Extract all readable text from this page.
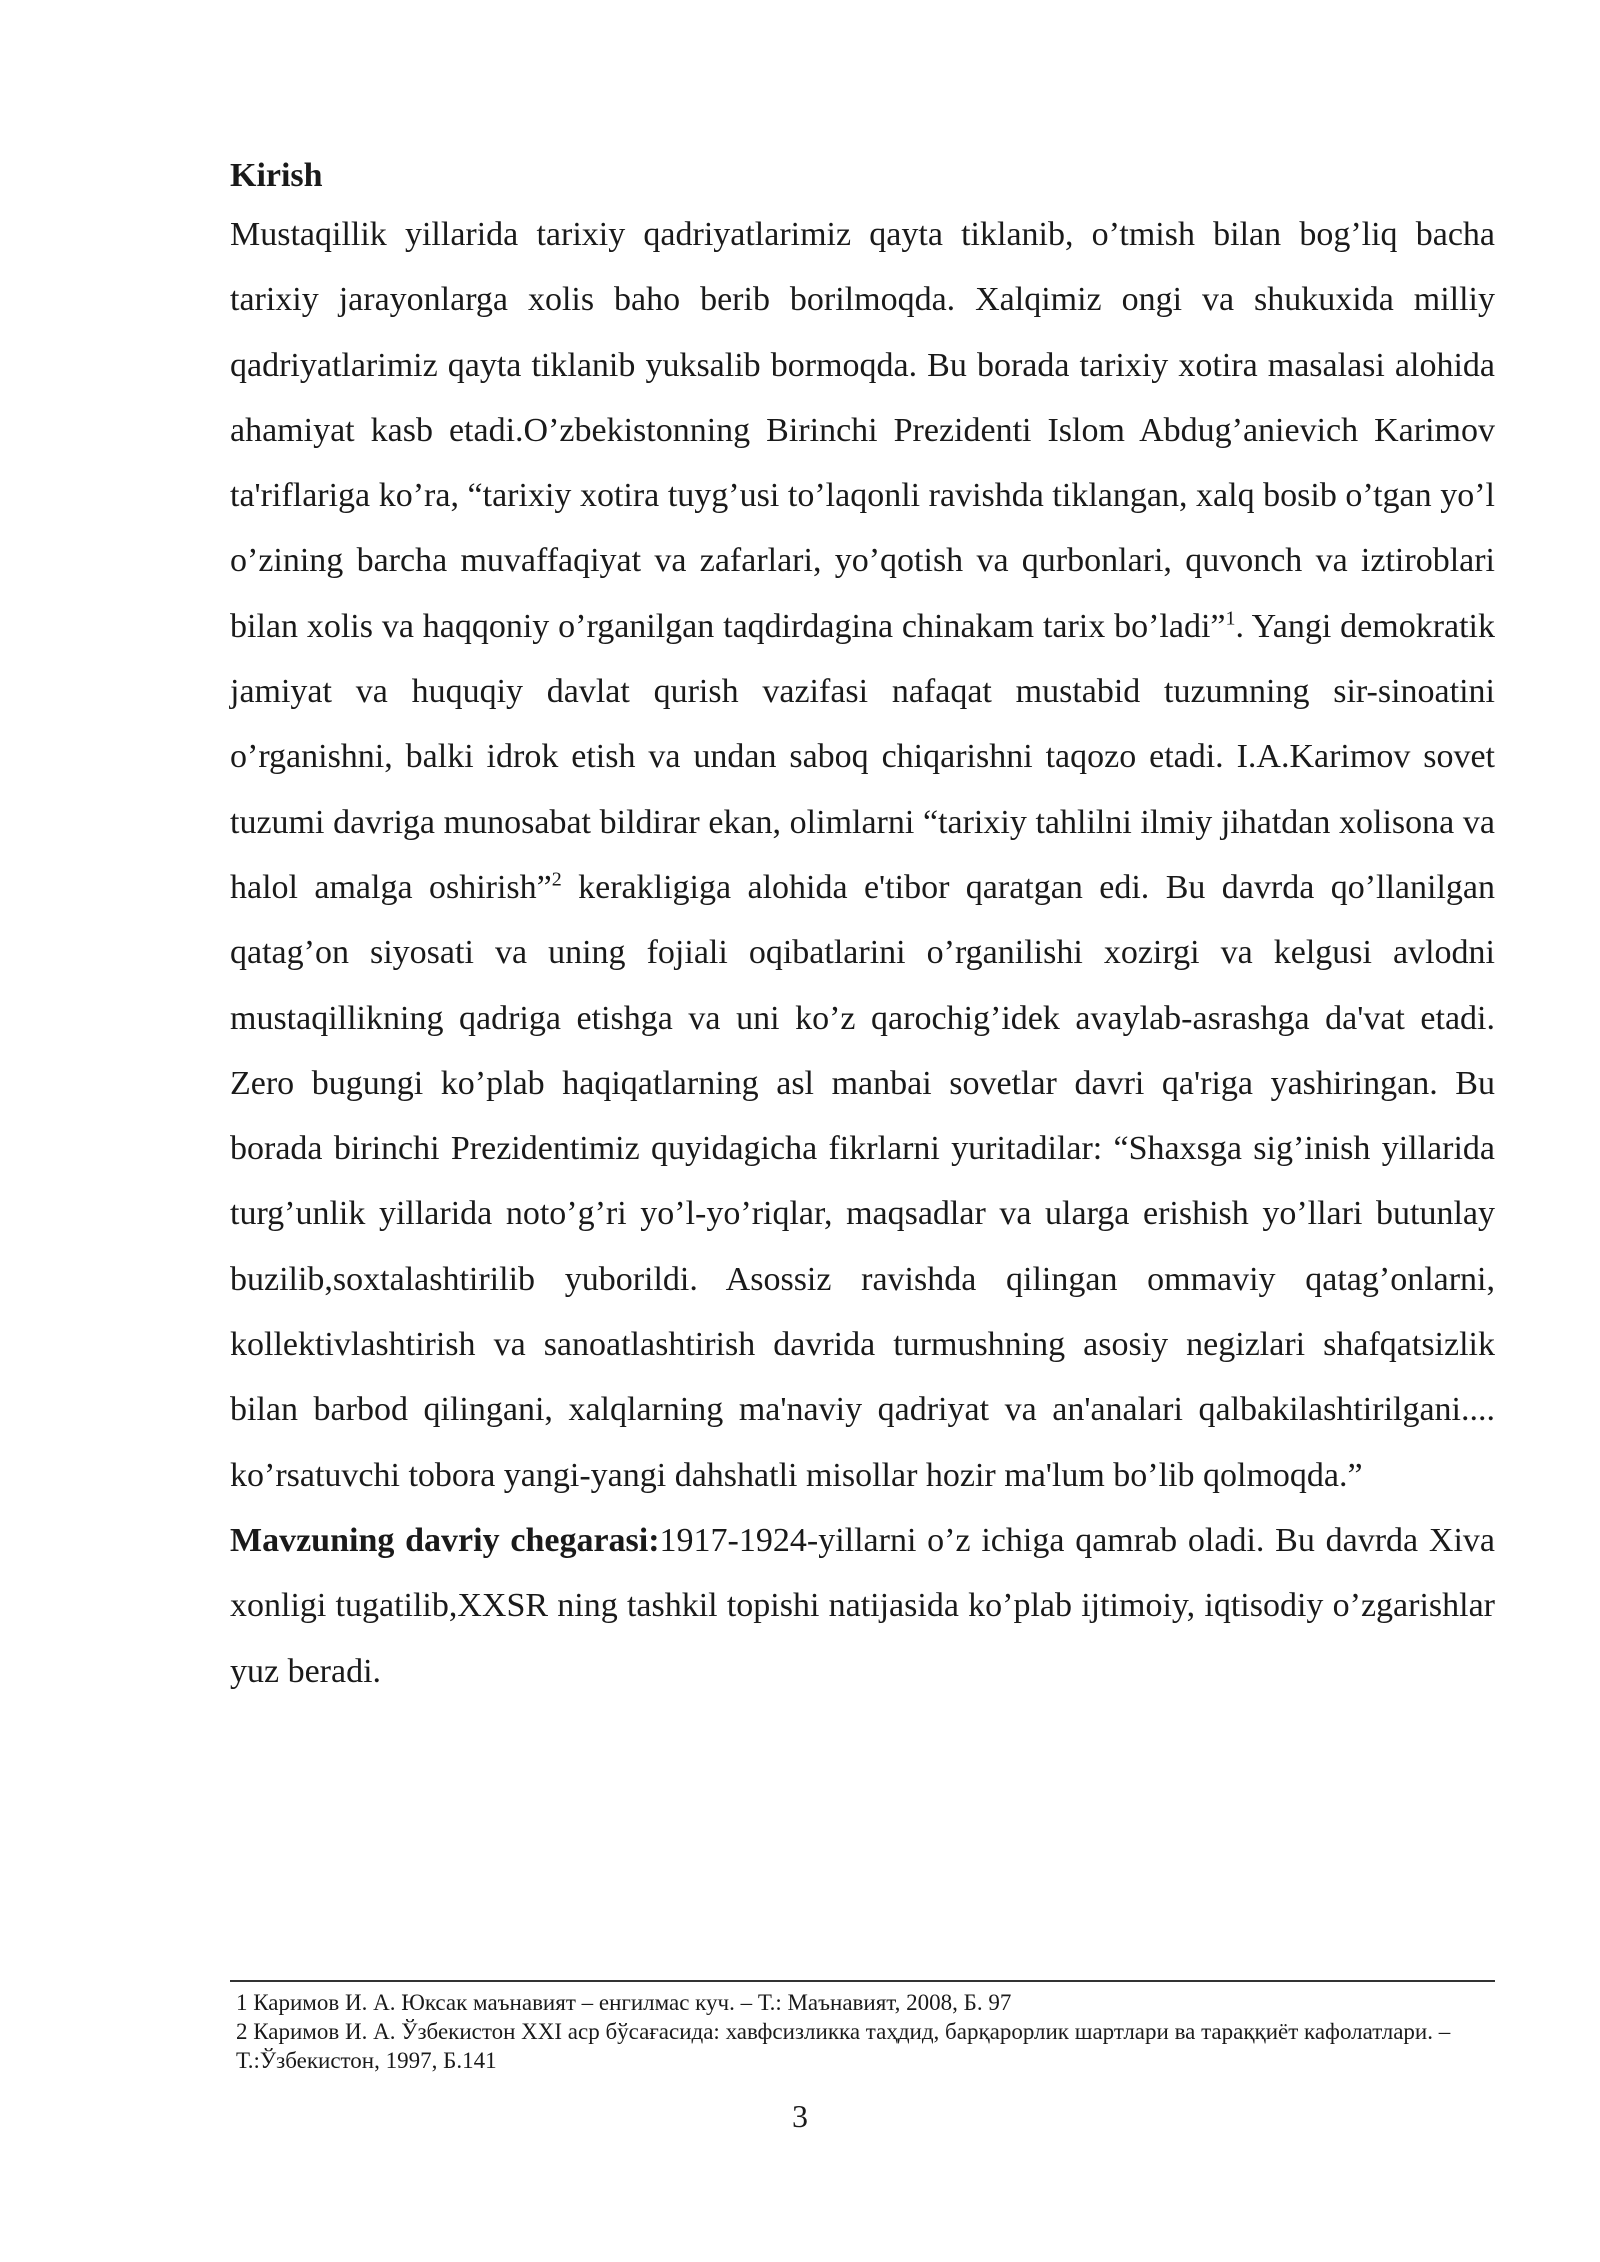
Kirish

Mustaqillik yillarida tarixiy qadriyatlarimiz qayta tiklanib, o’tmish bilan bog’liq bacha tarixiy jarayonlarga xolis baho berib borilmoqda. Xalqimiz ongi va shukuxida milliy qadriyatlarimiz qayta tiklanib yuksalib bormoqda. Bu borada tarixiy xotira masalasi alohida ahamiyat kasb etadi.O’zbekistonning Birinchi Prezidenti Islom Abdug’anievich Karimov ta'riflariga ko’ra, “tarixiy xotira tuyg’usi to’laqonli ravishda tiklangan, xalq bosib o’tgan yo’l o’zining barcha muvaffaqiyat va zafarlari, yo’qotish va qurbonlari, quvonch va iztiroblari bilan xolis va haqqoniy o’rganilgan taqdirdagina chinakam tarix bo’ladi”$^1$. Yangi demokratik jamiyat va huquqiy davlat qurish vazifasi nafaqat mustabid tuzumning sir-sinoatini o’rganishni, balki idrok etish va undan saboq chiqarishni taqozo etadi. I.A.Karimov sovet tuzumi davriga munosabat bildirar ekan, olimlarni “tarixiy tahlilni ilmiy jihatdan xolisona va halol amalga oshirish”$^2$ kerakligiga alohida e'tibor qaratgan edi. Bu davrda qo’llanilgan qatag’on siyosati va uning fojiali oqibatlarini o’rganilishi xozirgi va kelgusi avlodni mustaqillikning qadriga etishga va uni ko’z qarochig’idek avaylab-asrashga da'vat etadi. Zero bugungi ko’plab haqiqatlarning asl manbai sovetlar davri qa'riga yashiringan. Bu borada birinchi Prezidentimiz quyidagicha fikrlarni yuritadilar: “Shaxsga sig’inish yillarida turg’unlik yillarida noto’g’ri yo’l-yo’riqlar, maqsadlar va ularga erishish yo’llari butunlay buzilib,soxtalashtirilib yuborildi. Asossiz ravishda qilingan ommaviy qatag’onlarni, kollektivlashtirish va sanoatlashtirish davrida turmushning asosiy negizlari shafqatsizlik bilan barbod qilingani, xalqlarning ma'naviy qadriyat va an'analari qalbakilashtirilgani.... ko’rsatuvchi tobora yangi-yangi dahshatli misollar hozir ma'lum bo’lib qolmoqda.”

Mavzuning davriy chegarasi:1917-1924-yillarni o’z ichiga qamrab oladi. Bu davrda Xiva xonligi tugatilib,XXSR ning tashkil topishi natijasida ko’plab ijtimoiy, iqtisodiy o’zgarishlar yuz beradi.

1 Каримов И. А. Юксак маънавият – енгилмас куч. – Т.: Маънавият, 2008, Б. 97

2 Каримов И. А. Ўзбекистон XXI аср бўсағасида: хавфсизликка таҳдид, барқарорлик шартлари ва тараққиёт кафолатлари. –Т.:Ўзбекистон, 1997, Б.141

3
